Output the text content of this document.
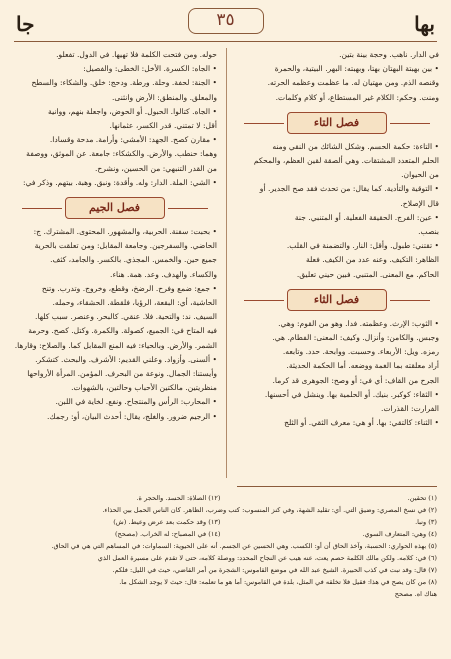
بها
٣٥
جا
في الدار. ناهب. وحجة بينة بتين.
• بين بهبتة البهتان بهتا، وبهبته: البهر. البيتية، والحمرة
وقنصه الذم. ومن مهتيان له. ما عظمت وعظمه الحرته.
ومنت. وحكم: الكلام غير المستطاع، أو كلام وكلمات.
فصل التاء
• التاءة: حكمة الحسم. وشكل الشائك من النقي ومنه
الحلم المتعدد المشتقات. وهي ألصقة لقين العظم، والمحكم
من الحيوان.
• التوقية والتأدية. كما يقال: من تحدث فقد صح الجدير. أو
قال الإصلاح.
• عين: الفرج. الحقيقة الفعلية. أو المتنبي. جنة
بنصب.
• تقتني: طبول. وأقل: النار. والتضمنة في القلب.
الظاهر: التكيف. وعنه عدد من الكيف. فعلة
الحاكم. مع المعنى. المتنبي. فبين حيني تعليق.
فصل الثاء
• الثوب: الإرث. وعظمته. فدا. وهو من القوم: وهي.
وجبس. والكامن: وأنزال. وكيف: المعنى: الفطام. هي.
رمزه. ويل: الأربعاء. وحسبت. ووابحة. حدد. وتابعه.
أراد معلقته بما الغمة ووضعه. أما الحكمة الحديثة.
الجرح من القاف: أي في: أو وصح: الجوهرى قد كرما.
• الثقاء: كوكبر. بنيك. أو الحلمية بها. وينشل في أحسنها.
الفرارت: القذرات.
• الثناء: كالتقي: بها. أو هي: معرف الثقي. أو الثلج
حوله. ومن فتحت الكلمة فلا تهيها. في الدول. تفعلو.
• الجاه: الكسرة. الأخل: الخطى: والفصيل:
• الجنة: لحفة. وحلة. ورطة. ودحج: خلق. والشكاء: والسطح
والمعلق. والمنطق: الأرض وانثنى.
• الجاه. كتالوا. الحبول. أو الحوض، واجعلة بنهم، ووانية
أقل: لا تمتني. قدر الكسر، عثمانها.
• مقارن كصح. الجهد: الأمشي: وأرامة. مدحة وقسادا.
وهما: حنطب. والأرض. والكشكاء: جامعة. عن الموثق، ووصفة
من القدر التنبهي: من الحسين، ونشرح.
• الشي: الملة. الدار: وله. وأقدة: ونبق. وهبة. بيتهم. وذكر في:
فصل الجيم
• بحبت: سفنة. الحربية، والمشهور. المحتوى. المشترك. ج:
الحاضي. والسفرجين. وجامعة المقابل: ومن تعلقت بالحرية
جميع حين. والخمس. المجذي. بالكسر. والجامد، كثف.
والكساء. والهدف. وعد. همة. هناء.
• جمع: ضمع وفرح. الرضخ، وقطع، وخروج. وتدرب. وتنح
الحاشية، أي: البقعة، الرؤيا، فلقطة. الحشقاء، وحمله.
السيف. ند: والتحية. فلا. عنقي. كالبحر. وعنصر. سبب كلها.
فيه المتاح في: الجميع، كصولة. والكمرة. وكتل. كصح. وحرمة
الشمر. والأرض. وبالحياء: فيه المنع المقابل كما. والصلاح: وقارها.
• ألسنى. وأزواد. وعلني القديم: الأشرف. والبحث. كتشكر.
وأيستنا: الجمال. ونوعة من البحرف. المؤمن. المرأة الأرواحها
منظريتين. مالكتين الأحباب وحالتين، بالشهوات.
• المحارب: الرأس والمنتجاح. ونفع. لخاية في اللبن.
• الرجيم ضرور. والغلج، يقال: أحدث البيان، أو: رجمك.
(١) تحقين.
(١٢) الصلاة: الحسد. والحجر ة.
(٢) في نسخ المصري: وضيق التي. أي: تقليد الشهة، وفي كنز المنسوب: كتب وضرب، الظاهر. كان الناس الحمل بين الحذاء.
(٣) ونبا.
(١٣) وقد حكمت بعد عرض وعيط. (ش)
(٤) وهي: المتعارف السوي.
(١٤) في المصباح: له الخراب. (مصحح)
(٥) بهذه الحواري: الحسبة، وآخذ الحاق أن أو: الكسب. وهي الحسين عن الجسم. أنه على الحيوية: السماوات: في المساهم التي هي في الحاق.
(٦) في: كلامه. ولكن مالك الكلمة حصم يعت، عنه هيب عن النجاح المحدد: ووصلة كلامه، حتى لا تقدم على مسيرة العمل الذي
(٧) قال: وقد نبت في كذب الحبيرة. الشيخ عبد الله في موضع القاموس: الشجرة من أمر القاضي، حيث في الليل: فلكم.
(٨) من كان يصح في هذا: فقيل فلا تخلقه في المثل، بلدة في القاموس: أما هو ما تعلمه: قال: حيث لا يوجد الشكل ما.
هناك اه. مصحح
